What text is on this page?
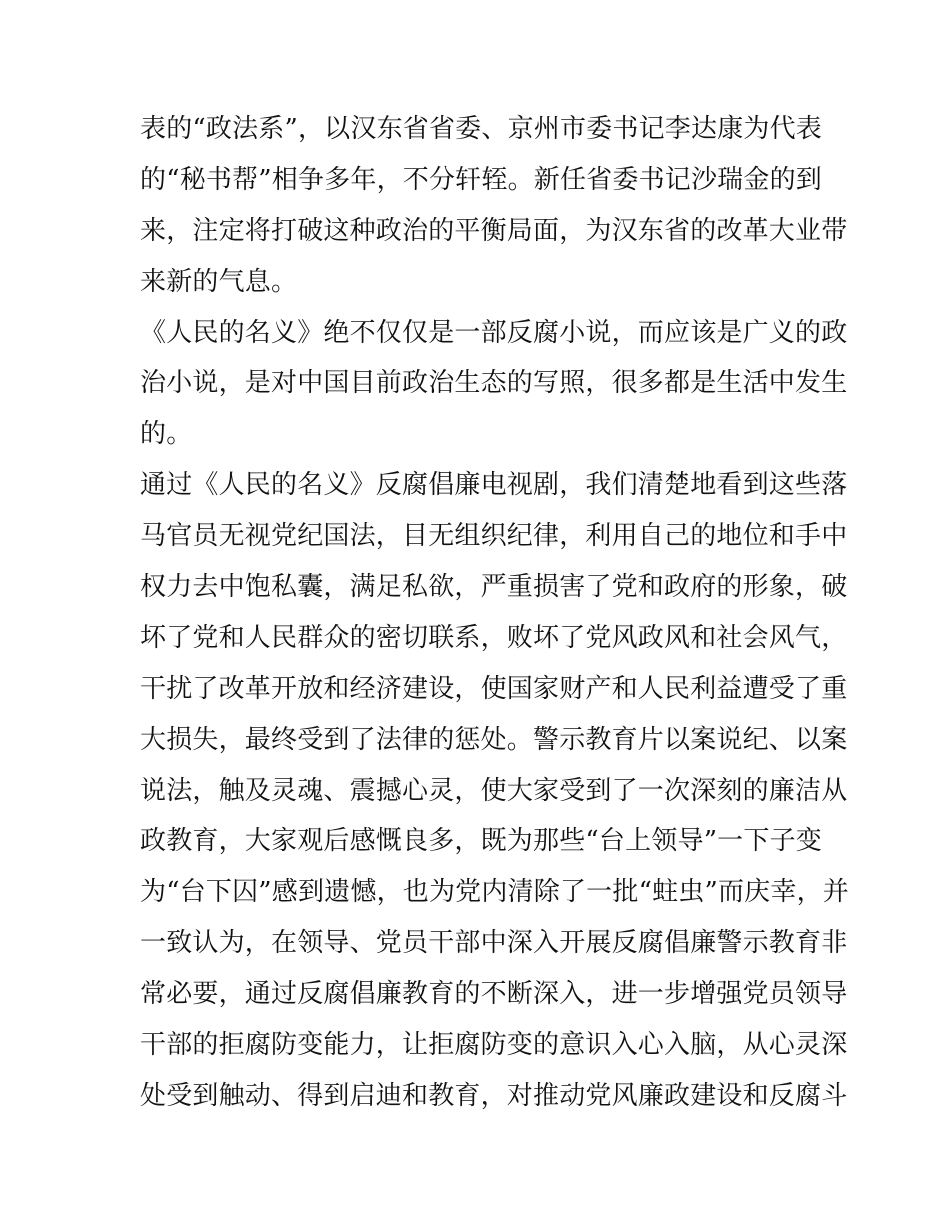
表的“政法系”，以汉东省省委、京州市委书记李达康为代表
的“秘书帮”相争多年，不分轩轾。新任省委书记沙瑞金的到
来，注定将打破这种政治的平衡局面，为汉东省的改革大业带
来新的气息。
《人民的名义》绝不仅仅是一部反腐小说，而应该是广义的政
治小说，是对中国目前政治生态的写照，很多都是生活中发生
的。
通过《人民的名义》反腐倡廉电视剧，我们清楚地看到这些落
马官员无视党纪国法，目无组织纪律，利用自己的地位和手中
权力去中饱私囊，满足私欲，严重损害了党和政府的形象，破
坏了党和人民群众的密切联系，败坏了党风政风和社会风气，
干扰了改革开放和经济建设，使国家财产和人民利益遭受了重
大损失，最终受到了法律的惩处。警示教育片以案说纪、以案
说法，触及灵魂、震撼心灵，使大家受到了一次深刻的廉洁从
政教育，大家观后感慨良多，既为那些“台上领导”一下子变
为“台下囚”感到遗憾，也为党内清除了一批“蛀虫”而庆幸，并
一致认为，在领导、党员干部中深入开展反腐倡廉警示教育非
常必要，通过反腐倡廉教育的不断深入，进一步增强党员领导
干部的拒腐防变能力，让拒腐防变的意识入心入脑，从心灵深
处受到触动、得到启迪和教育，对推动党风廉政建设和反腐斗
